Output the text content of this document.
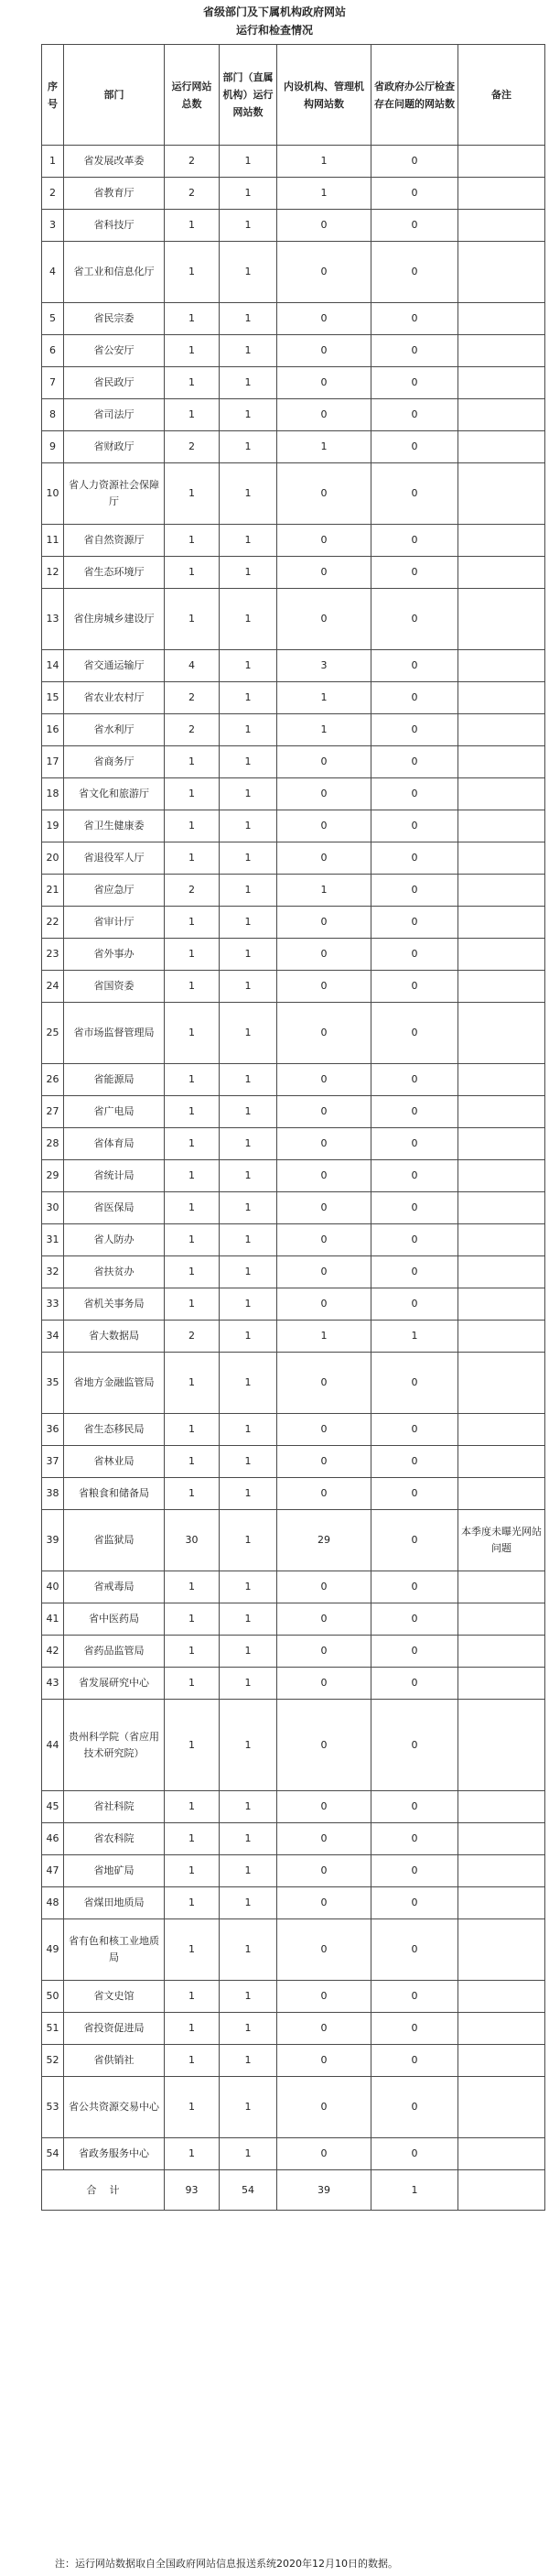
省级部门及下属机构政府网站
运行和检查情况
序号	部门	运行网站总数	部门（直属机构）运行网站数	内设机构、管理机构网站数	省政府办公厅检查存在问题的网站数	备注
1	省发展改革委	2	1	1	0	
2	省教育厅	2	1	1	0	
3	省科技厅	1	1	0	0	
4	省工业和信息化厅	1	1	0	0	
5	省民宗委	1	1	0	0	
6	省公安厅	1	1	0	0	
7	省民政厅	1	1	0	0	
8	省司法厅	1	1	0	0	
9	省财政厅	2	1	1	0	
10	省人力资源社会保障厅	1	1	0	0	
11	省自然资源厅	1	1	0	0	
12	省生态环境厅	1	1	0	0	
13	省住房城乡建设厅	1	1	0	0	
14	省交通运输厅	4	1	3	0	
15	省农业农村厅	2	1	1	0	
16	省水利厅	2	1	1	0	
17	省商务厅	1	1	0	0	
18	省文化和旅游厅	1	1	0	0	
19	省卫生健康委	1	1	0	0	
20	省退役军人厅	1	1	0	0	
21	省应急厅	2	1	1	0	
22	省审计厅	1	1	0	0	
23	省外事办	1	1	0	0	
24	省国资委	1	1	0	0	
25	省市场监督管理局	1	1	0	0	
26	省能源局	1	1	0	0	
27	省广电局	1	1	0	0	
28	省体育局	1	1	0	0	
29	省统计局	1	1	0	0	
30	省医保局	1	1	0	0	
31	省人防办	1	1	0	0	
32	省扶贫办	1	1	0	0	
33	省机关事务局	1	1	0	0	
34	省大数据局	2	1	1	1	
35	省地方金融监管局	1	1	0	0	
36	省生态移民局	1	1	0	0	
37	省林业局	1	1	0	0	
38	省粮食和储备局	1	1	0	0	
39	省监狱局	30	1	29	0	本季度未曝光网站问题
40	省戒毒局	1	1	0	0	
41	省中医药局	1	1	0	0	
42	省药品监管局	1	1	0	0	
43	省发展研究中心	1	1	0	0	
44	贵州科学院（省应用技术研究院）	1	1	0	0	
45	省社科院	1	1	0	0	
46	省农科院	1	1	0	0	
47	省地矿局	1	1	0	0	
48	省煤田地质局	1	1	0	0	
49	省有色和核工业地质局	1	1	0	0	
50	省文史馆	1	1	0	0	
51	省投资促进局	1	1	0	0	
52	省供销社	1	1	0	0	
53	省公共资源交易中心	1	1	0	0	
54	省政务服务中心	1	1	0	0	
合    计		93	54	39	1	
注：运行网站数据取自全国政府网站信息报送系统2020年12月10日的数据。
